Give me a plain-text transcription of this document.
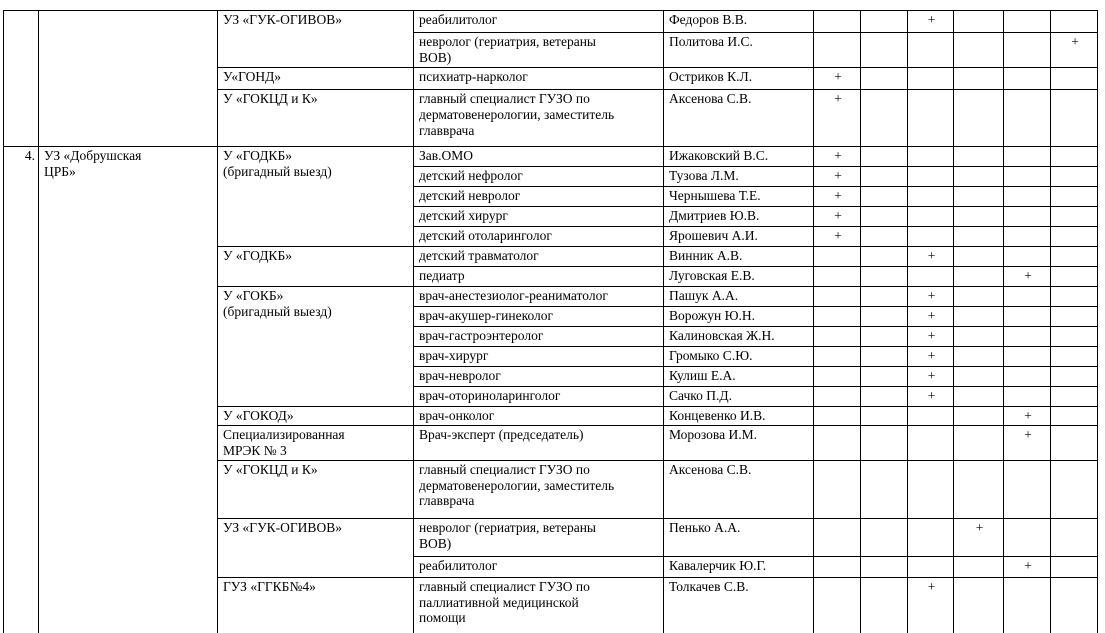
		УЗ «ГУК-ОГИВОВ»	реабилитолог	Федоров В.В.			+			

			невролог (гериатрия, ветераны
ВОВ)	Политова И.С.						+

		У«ГОНД»	психиатр-нарколог	Остриков К.Л.	+					

		У «ГОКЦД и К»	главный специалист ГУЗО по
дерматовенерологии, заместитель
главврача	Аксенова С.В.	+					
4.	УЗ «Добрушская
ЦРБ»	У «ГОДКБ»
(бригадный выезд)	Зав.ОМО	Ижаковский В.С.	+					

			детский нефролог	Тузова Л.М.	+					

			детский невролог	Чернышева Т.Е.	+					

			детский хирург	Дмитриев Ю.В.	+					

			детский отоларинголог	Ярошевич А.И.	+					

		У «ГОДКБ»	детский травматолог	Винник А.В.			+			

			педиатр	Луговская Е.В.					+	

		У «ГОКБ»
(бригадный выезд)	врач-анестезиолог-реаниматолог	Пашук А.А.			+			

			врач-акушер-гинеколог	Ворожун Ю.Н.			+			

			врач-гастроэнтеролог	Калиновская Ж.Н.			+			

			врач-хирург	Громыко С.Ю.			+			

			врач-невролог	Кулиш Е.А.			+			

			врач-оториноларинголог	Сачко П.Д.			+			

		У «ГОКОД»	врач-онколог	Концевенко И.В.					+	

		Специализированная
МРЭК № 3	Врач-эксперт (председатель)	Морозова И.М.					+	

		У «ГОКЦД и К»	главный специалист ГУЗО по
дерматовенерологии, заместитель
главврача	Аксенова С.В.						

		УЗ «ГУК-ОГИВОВ»	невролог (гериатрия, ветераны
ВОВ)	Пенько А.А.				+		

			реабилитолог	Кавалерчик Ю.Г.					+	

		ГУЗ «ГГКБ№4»	главный специалист ГУЗО по
паллиативной медицинской
помощи	Толкачев С.В.			+			
